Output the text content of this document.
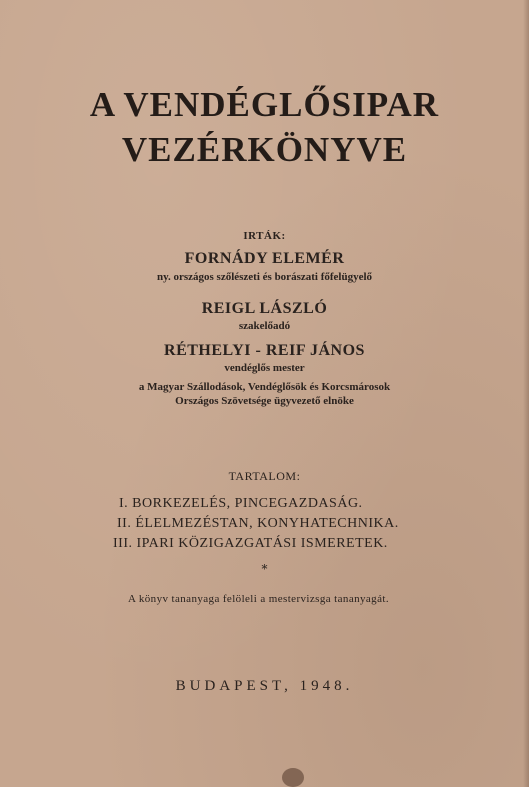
A VENDÉGLŐSIPAR
VEZÉRKÖNYVE
IRTÁK:
FORNÁDY ELEMÉR
ny. országos szőlészeti és borászati főfelügyelő
REIGL LÁSZLÓ
szakelőadó
RÉTHELYI - REIF JÁNOS
vendéglős mester
a Magyar Szállodások, Vendéglősök és Korcsmárosok
Országos Szövetsége ügyvezető elnöke
TARTALOM:
I. BORKEZELÉS, PINCEGAZDASÁG.
II. ÉLELMEZÉSTAN, KONYHATECHNIKA.
III. IPARI KÖZIGAZGATÁSI ISMERETEK.
*
A könyv tananyaga felöleli a mestervizsga tananyagát.
BUDAPEST, 1948.
